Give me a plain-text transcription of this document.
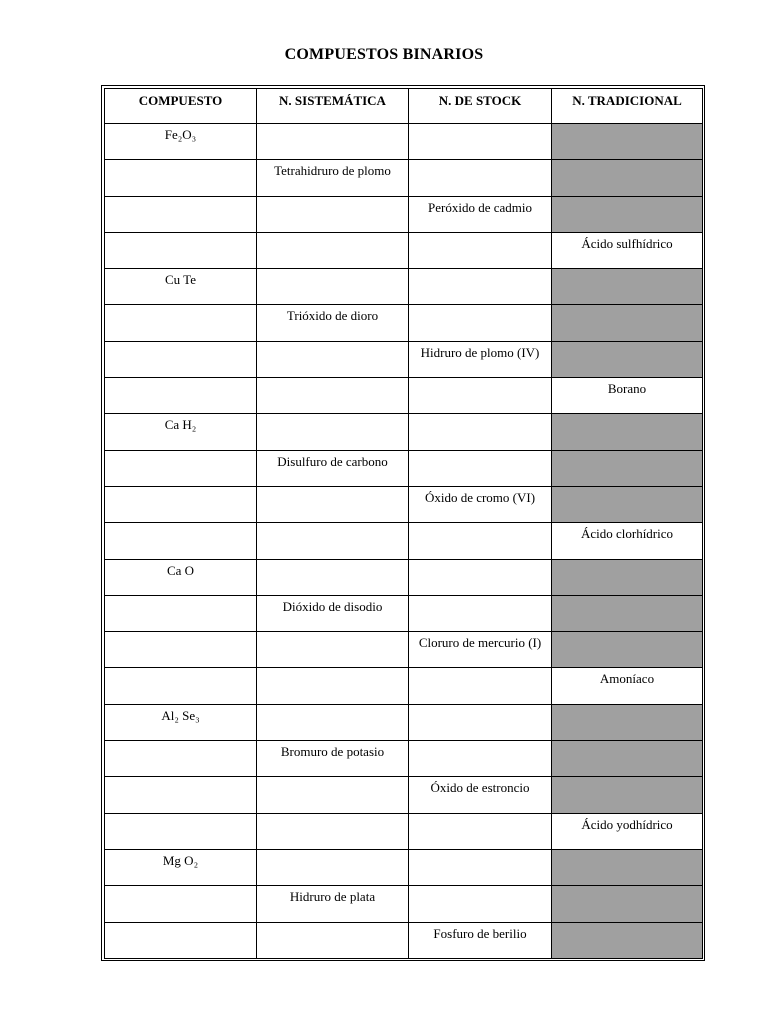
COMPUESTOS BINARIOS
COMPUESTO	N. SISTEMÁTICA	N. DE STOCK	N. TRADICIONAL
Fe₂O₃			
	Tetrahidruro de plomo		
		Peróxido de cadmio	
			Ácido sulfhídrico
Cu Te			
	Trióxido de dioro		
		Hidruro de plomo (IV)	
			Borano
Ca H₂			
	Disulfuro de carbono		
		Óxido de cromo (VI)	
			Ácido clorhídrico
Ca O			
	Dióxido de disodio		
		Cloruro de mercurio (I)	
			Amoníaco
Al₂ Se₃			
	Bromuro de potasio		
		Óxido de estroncio	
			Ácido yodhídrico
Mg O₂			
	Hidruro de plata		
		Fosfuro de berilio	
